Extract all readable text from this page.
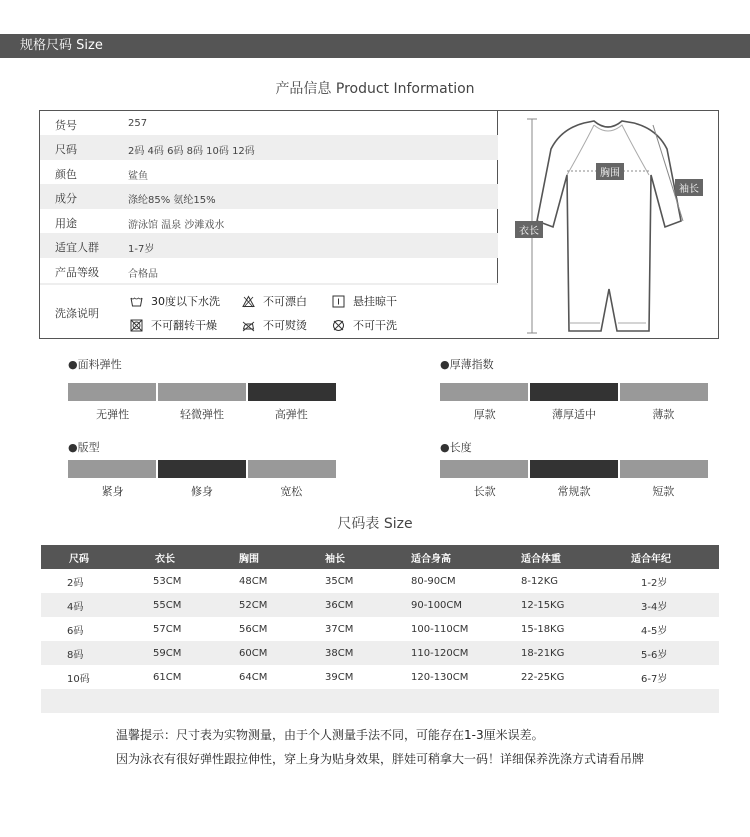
规格尺码 Size
产品信息 Product Information
货号	257
尺码	2码 4码 6码 8码 10码 12码
颜色	鲨鱼
成分	涤纶85% 氨纶15%
用途	游泳馆 温泉 沙滩戏水
适宜人群	1-7岁
产品等级	合格品
洗涤说明
30度以下水洗	不可漂白	悬挂晾干
不可翻转干燥	不可熨烫	不可干洗
胸围
袖长
衣长
●面料弹性
无弹性	轻微弹性	高弹性
●厚薄指数
厚款	薄厚适中	薄款
●版型
紧身	修身	宽松
●长度
长款	常规款	短款
尺码表 Size
尺码	衣长	胸围	袖长	适合身高	适合体重	适合年纪
2码	53CM	48CM	35CM	80-90CM	8-12KG	1-2岁
4码	55CM	52CM	36CM	90-100CM	12-15KG	3-4岁
6码	57CM	56CM	37CM	100-110CM	15-18KG	4-5岁
8码	59CM	60CM	38CM	110-120CM	18-21KG	5-6岁
10码	61CM	64CM	39CM	120-130CM	22-25KG	6-7岁
温馨提示：尺寸表为实物测量，由于个人测量手法不同，可能存在1-3厘米误差。
因为泳衣有很好弹性跟拉伸性，穿上身为贴身效果，胖娃可稍拿大一码！详细保养洗涤方式请看吊牌
